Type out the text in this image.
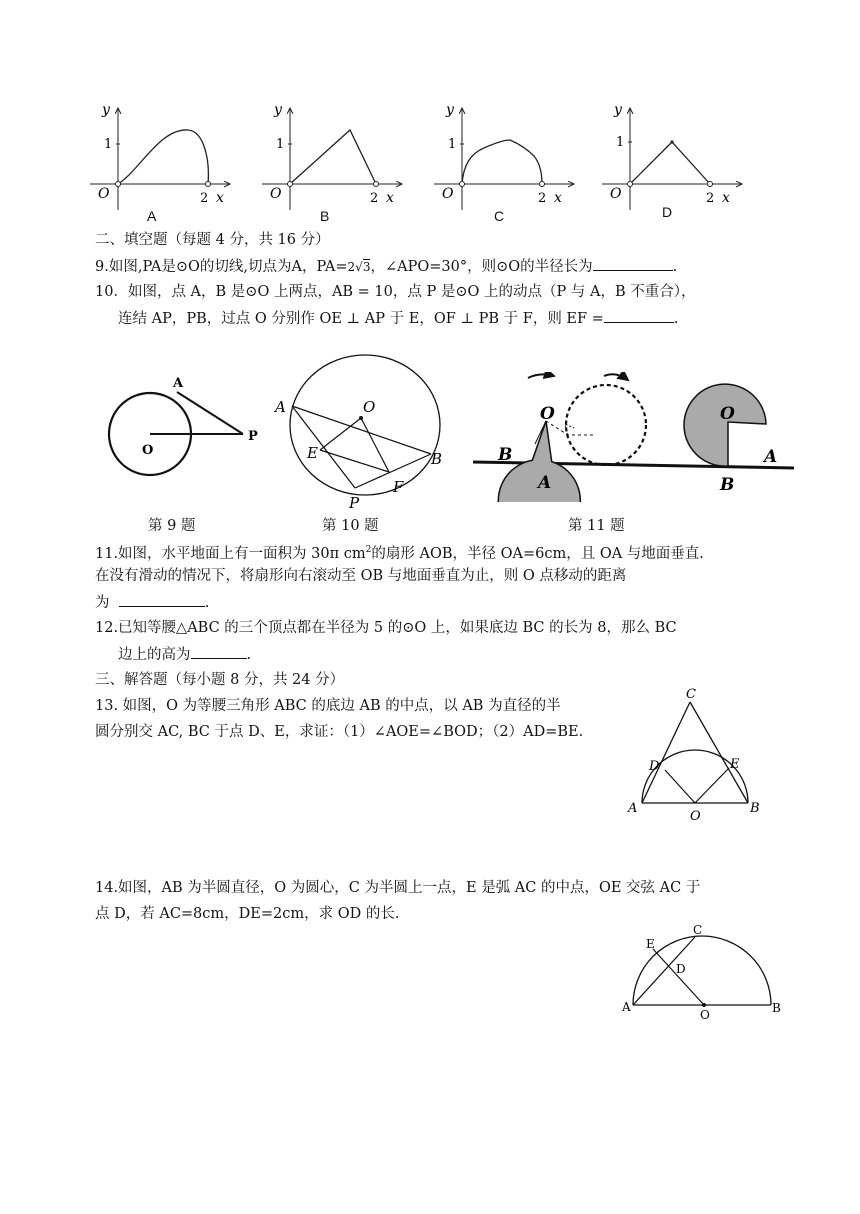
y
1
O	2 x
y
1
O	2 x
y
1
O	2 x
y
1
O	2 x
A	B	C	D
二、填空题（每题 4 分，共 16 分）
9.如图,PA是⊙O的切线,切点为A，PA=2√3，∠APO=30°，则⊙O的半径长为	.
10．如图，点 A，B 是⊙O 上两点，AB = 10，点 P 是⊙O 上的动点（P 与 A，B 不重合），
连结 AP，PB，过点 O 分别作 OE ⊥ AP 于 E，OF ⊥ PB 于 F，则 EF =	.
A
O
P
A	O
B
E
F
P
O
B
A
O
A
B
第 9 题	第 10 题	第 11 题
11.如图，水平地面上有一面积为 30π $cm^2$的扇形 AOB，半径 OA=6cm，且 OA 与地面垂直.
在没有滑动的情况下，将扇形向右滚动至 OB 与地面垂直为止，则 O 点移动的距离
为	.
12.已知等腰△ABC 的三个顶点都在半径为 5 的⊙O 上，如果底边 BC 的长为 8，那么 BC
边上的高为	.
三、解答题（每小题 8 分，共 24 分）
13. 如图，O 为等腰三角形 ABC 的底边 AB 的中点，以 AB 为直径的半
圆分别交 AC, BC 于点 D、E，求证：（1）∠AOE=∠BOD；（2）AD=BE.
C
D	E
A	B
O
14.如图，AB 为半圆直径，O 为圆心，C 为半圆上一点，E 是弧 AC 的中点，OE 交弦 AC 于
点 D，若 AC=8cm，DE=2cm，求 OD 的长.
C
E
D
A
O	B
